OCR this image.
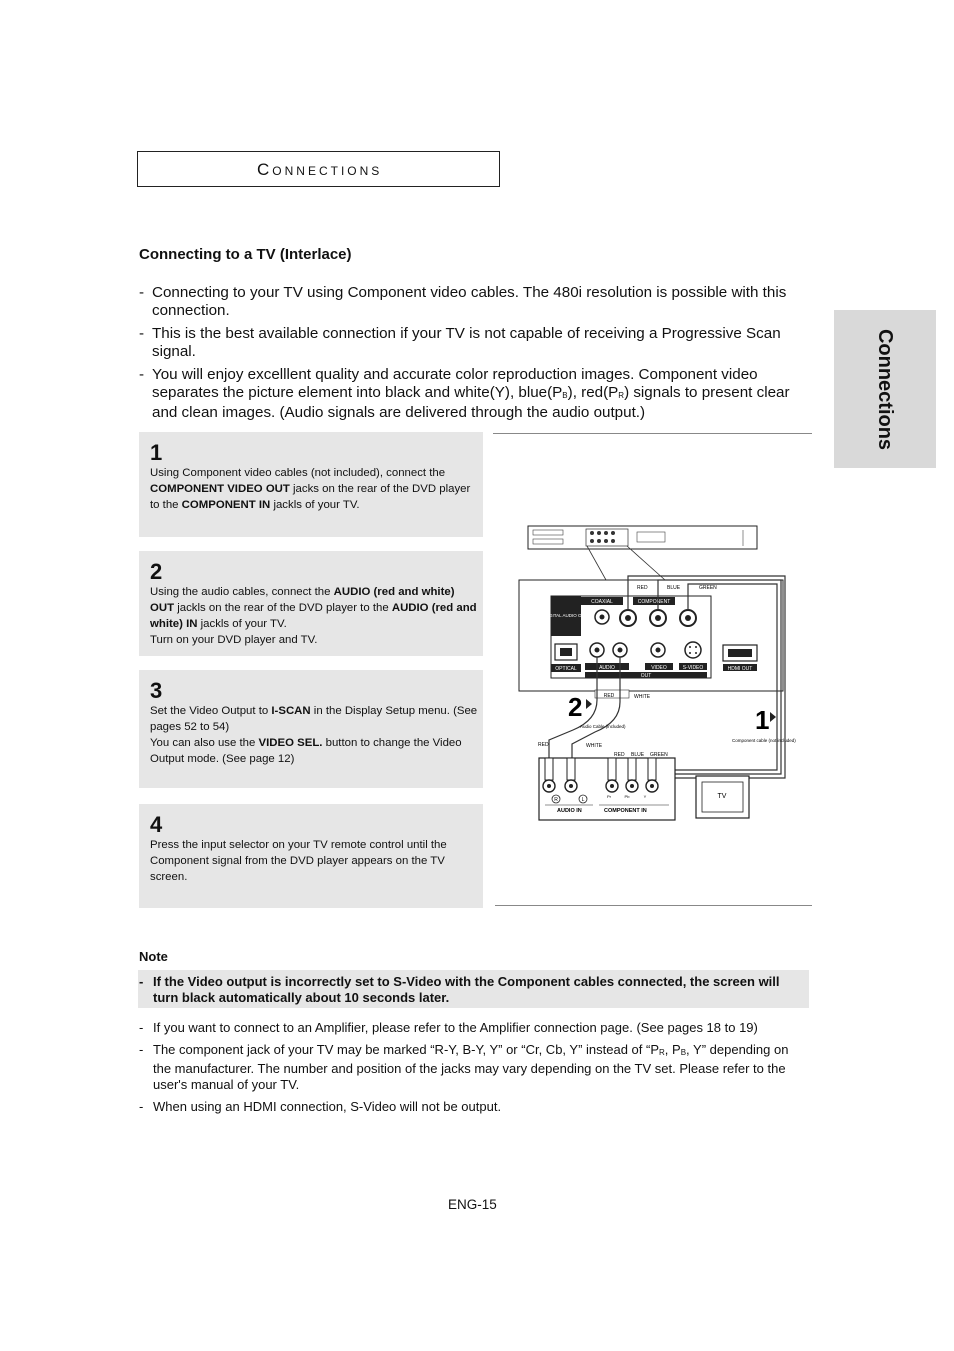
Connections
Connections
Connecting to a TV (Interlace)
- Connecting to your TV using Component video cables. The 480i resolution is possible with this connection.
- This is the best available connection if your TV is not capable of receiving a Progressive Scan signal.
- You will enjoy excelllent quality and accurate color reproduction images. Component video separates the picture element into black and white(Y), $blue(P_B)$, $red(P_R)$ signals to present clear and clean images. (Audio signals are delivered through the audio output.)
1
Using Component video cables (not included), connect the COMPONENT VIDEO OUT jacks on the rear of the DVD player to the COMPONENT IN jackls of your TV.
2
Using the audio cables, connect the AUDIO (red and white) OUT jackls on the rear of the DVD player to the AUDIO (red and white) IN jackls of your TV.
Turn on your DVD player and TV.
3
Set the Video Output to I-SCAN in the Display Setup menu. (See pages 52 to 54)
You can also use the VIDEO SEL. button to change the Video Output mode. (See page 12)
4
Press the input selector on your TV remote control until the Component signal from the DVD player appears on the TV screen.
DIGITAL AUDIO OUT
COAXIAL	COMPONENT
OPTICAL	AUDIO	VIDEO	S-VIDEO
OUT
HDMI OUT
RED	BLUE	GREEN
RED	WHITE
2	1
Audio Cable (included)
Component cable (not included)
RED	WHITE
RED BLUE GREEN
R	L
Pr	Pb	Y
AUDIO IN	COMPONENT IN
TV
Note
- If the Video output is incorrectly set to S-Video with the Component cables connected, the screen will turn black automatically about 10 seconds later.
- If you want to connect to an Amplifier, please refer to the Amplifier connection page. (See pages 18 to 19)
- The component jack of your TV may be marked “R-Y, B-Y, Y” or “Cr, Cb, Y” instead of “$P_R$, $P_B$, Y” depending on the manufacturer. The number and position of the jacks may vary depending on the TV set. Please refer to the user's manual of your TV.
- When using an HDMI connection, S-Video will not be output.
ENG-15
